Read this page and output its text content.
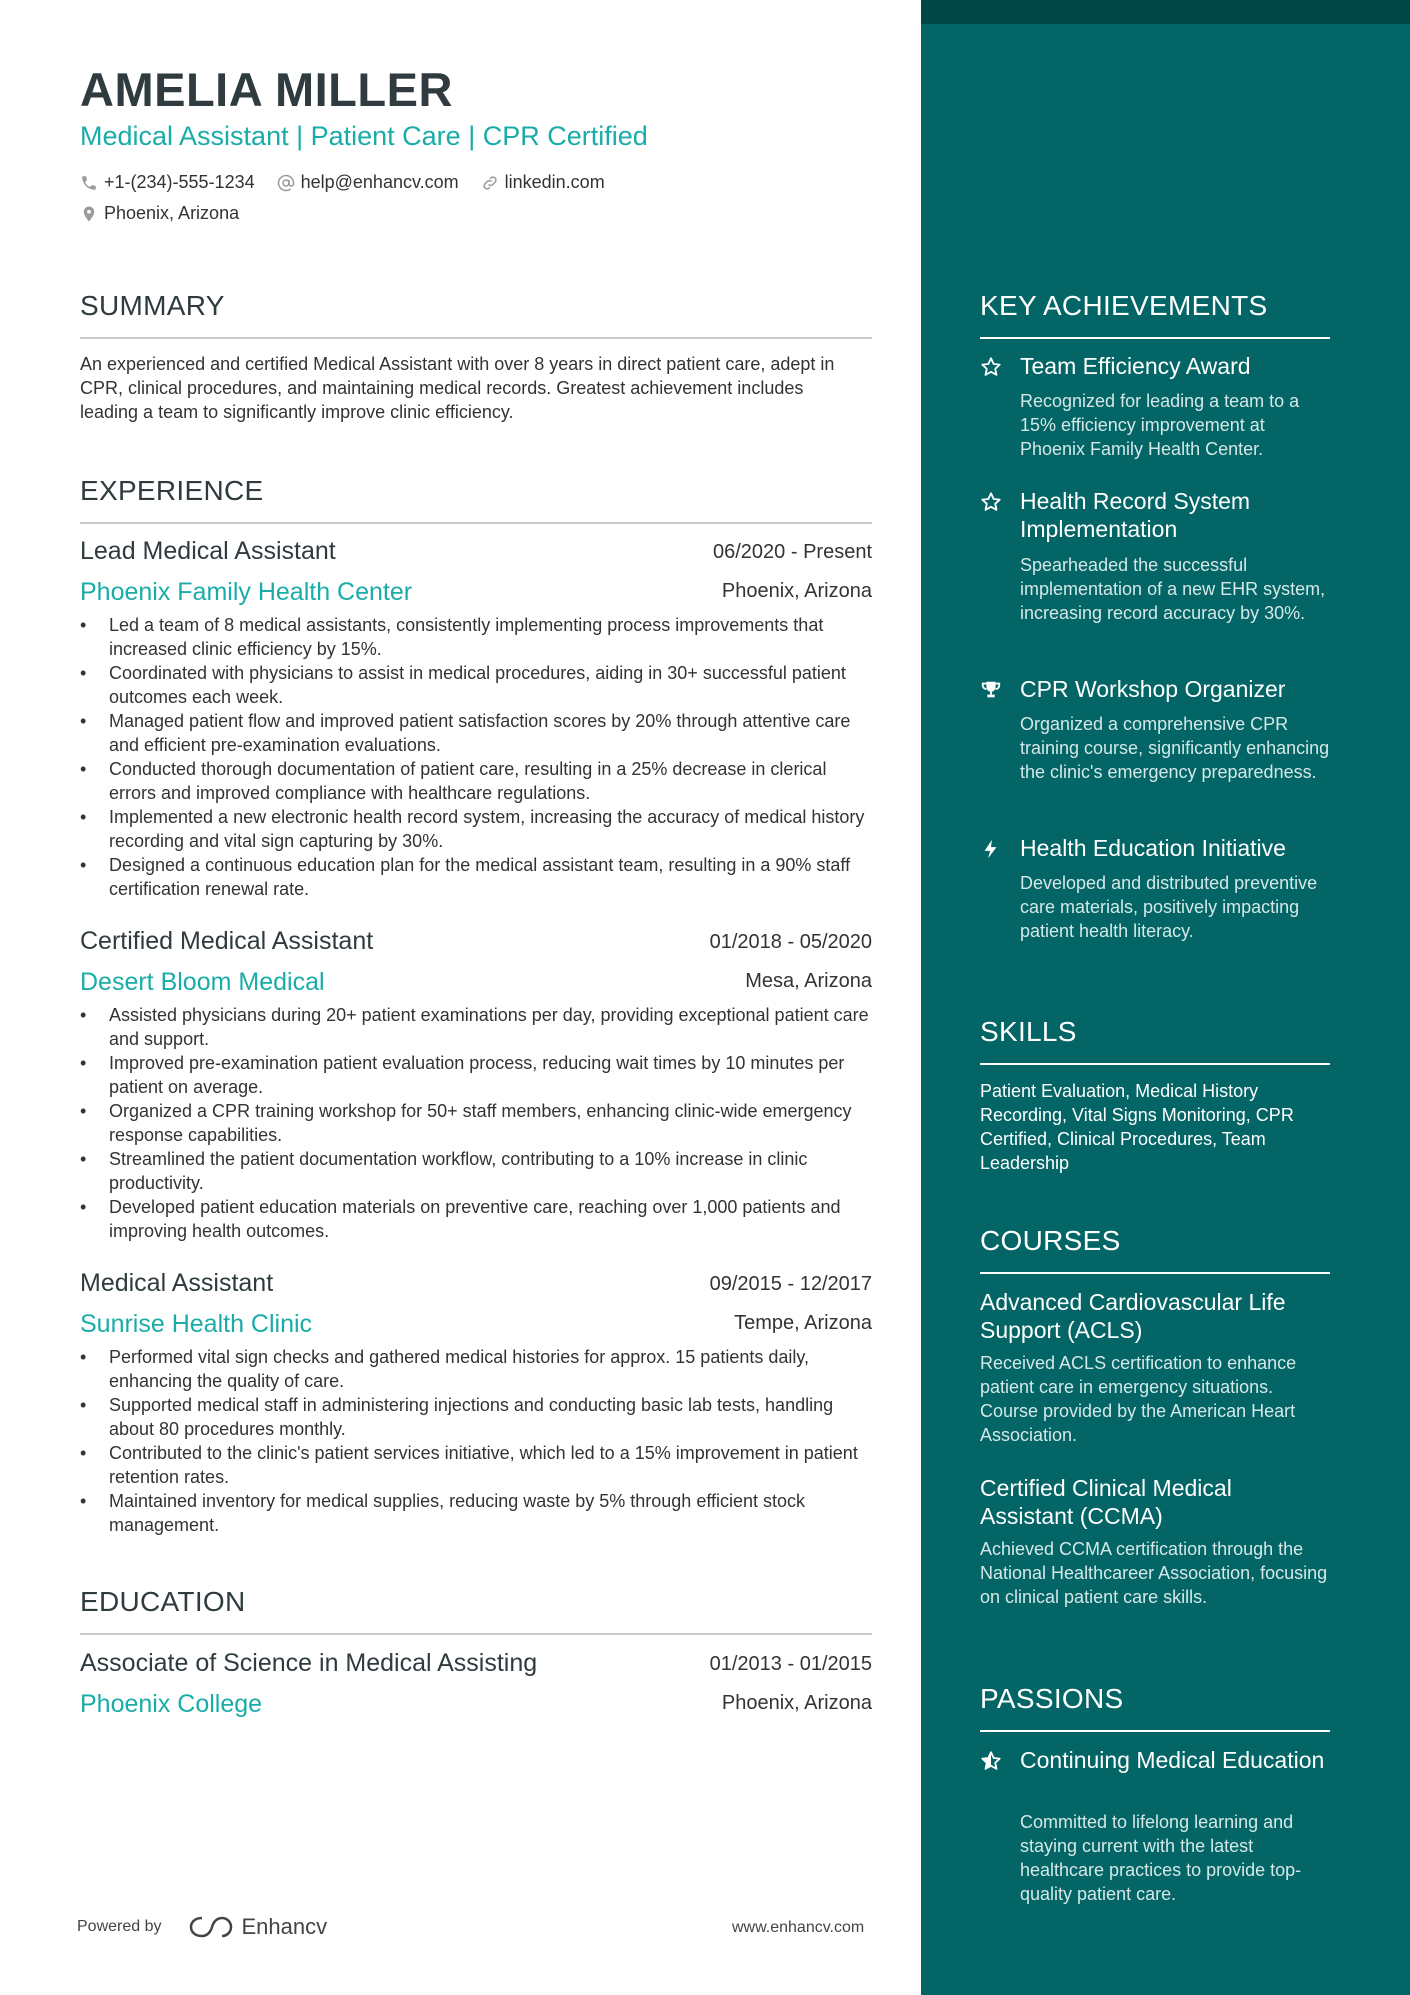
AMELIA MILLER
Medical Assistant | Patient Care | CPR Certified
+1-(234)-555-1234	help@enhancv.com	linkedin.com
Phoenix, Arizona
SUMMARY
An experienced and certified Medical Assistant with over 8 years in direct patient care, adept in CPR, clinical procedures, and maintaining medical records. Greatest achievement includes leading a team to significantly improve clinic efficiency.
EXPERIENCE
Lead Medical Assistant	06/2020 - Present
Phoenix Family Health Center	Phoenix, Arizona
• Led a team of 8 medical assistants, consistently implementing process improvements that increased clinic efficiency by 15%.
• Coordinated with physicians to assist in medical procedures, aiding in 30+ successful patient outcomes each week.
• Managed patient flow and improved patient satisfaction scores by 20% through attentive care and efficient pre-examination evaluations.
• Conducted thorough documentation of patient care, resulting in a 25% decrease in clerical errors and improved compliance with healthcare regulations.
• Implemented a new electronic health record system, increasing the accuracy of medical history recording and vital sign capturing by 30%.
• Designed a continuous education plan for the medical assistant team, resulting in a 90% staff certification renewal rate.
Certified Medical Assistant	01/2018 - 05/2020
Desert Bloom Medical	Mesa, Arizona
• Assisted physicians during 20+ patient examinations per day, providing exceptional patient care and support.
• Improved pre-examination patient evaluation process, reducing wait times by 10 minutes per patient on average.
• Organized a CPR training workshop for 50+ staff members, enhancing clinic-wide emergency response capabilities.
• Streamlined the patient documentation workflow, contributing to a 10% increase in clinic productivity.
• Developed patient education materials on preventive care, reaching over 1,000 patients and improving health outcomes.
Medical Assistant	09/2015 - 12/2017
Sunrise Health Clinic	Tempe, Arizona
• Performed vital sign checks and gathered medical histories for approx. 15 patients daily, enhancing the quality of care.
• Supported medical staff in administering injections and conducting basic lab tests, handling about 80 procedures monthly.
• Contributed to the clinic's patient services initiative, which led to a 15% improvement in patient retention rates.
• Maintained inventory for medical supplies, reducing waste by 5% through efficient stock management.
EDUCATION
Associate of Science in Medical Assisting	01/2013 - 01/2015
Phoenix College	Phoenix, Arizona
Powered by	Enhancv	www.enhancv.com
KEY ACHIEVEMENTS
Team Efficiency Award
Recognized for leading a team to a 15% efficiency improvement at Phoenix Family Health Center.
Health Record System Implementation
Spearheaded the successful implementation of a new EHR system, increasing record accuracy by 30%.
CPR Workshop Organizer
Organized a comprehensive CPR training course, significantly enhancing the clinic's emergency preparedness.
Health Education Initiative
Developed and distributed preventive care materials, positively impacting patient health literacy.
SKILLS
Patient Evaluation, Medical History Recording, Vital Signs Monitoring, CPR Certified, Clinical Procedures, Team Leadership
COURSES
Advanced Cardiovascular Life Support (ACLS)
Received ACLS certification to enhance patient care in emergency situations. Course provided by the American Heart Association.
Certified Clinical Medical Assistant (CCMA)
Achieved CCMA certification through the National Healthcareer Association, focusing on clinical patient care skills.
PASSIONS
Continuing Medical Education
Committed to lifelong learning and staying current with the latest healthcare practices to provide top-quality patient care.
